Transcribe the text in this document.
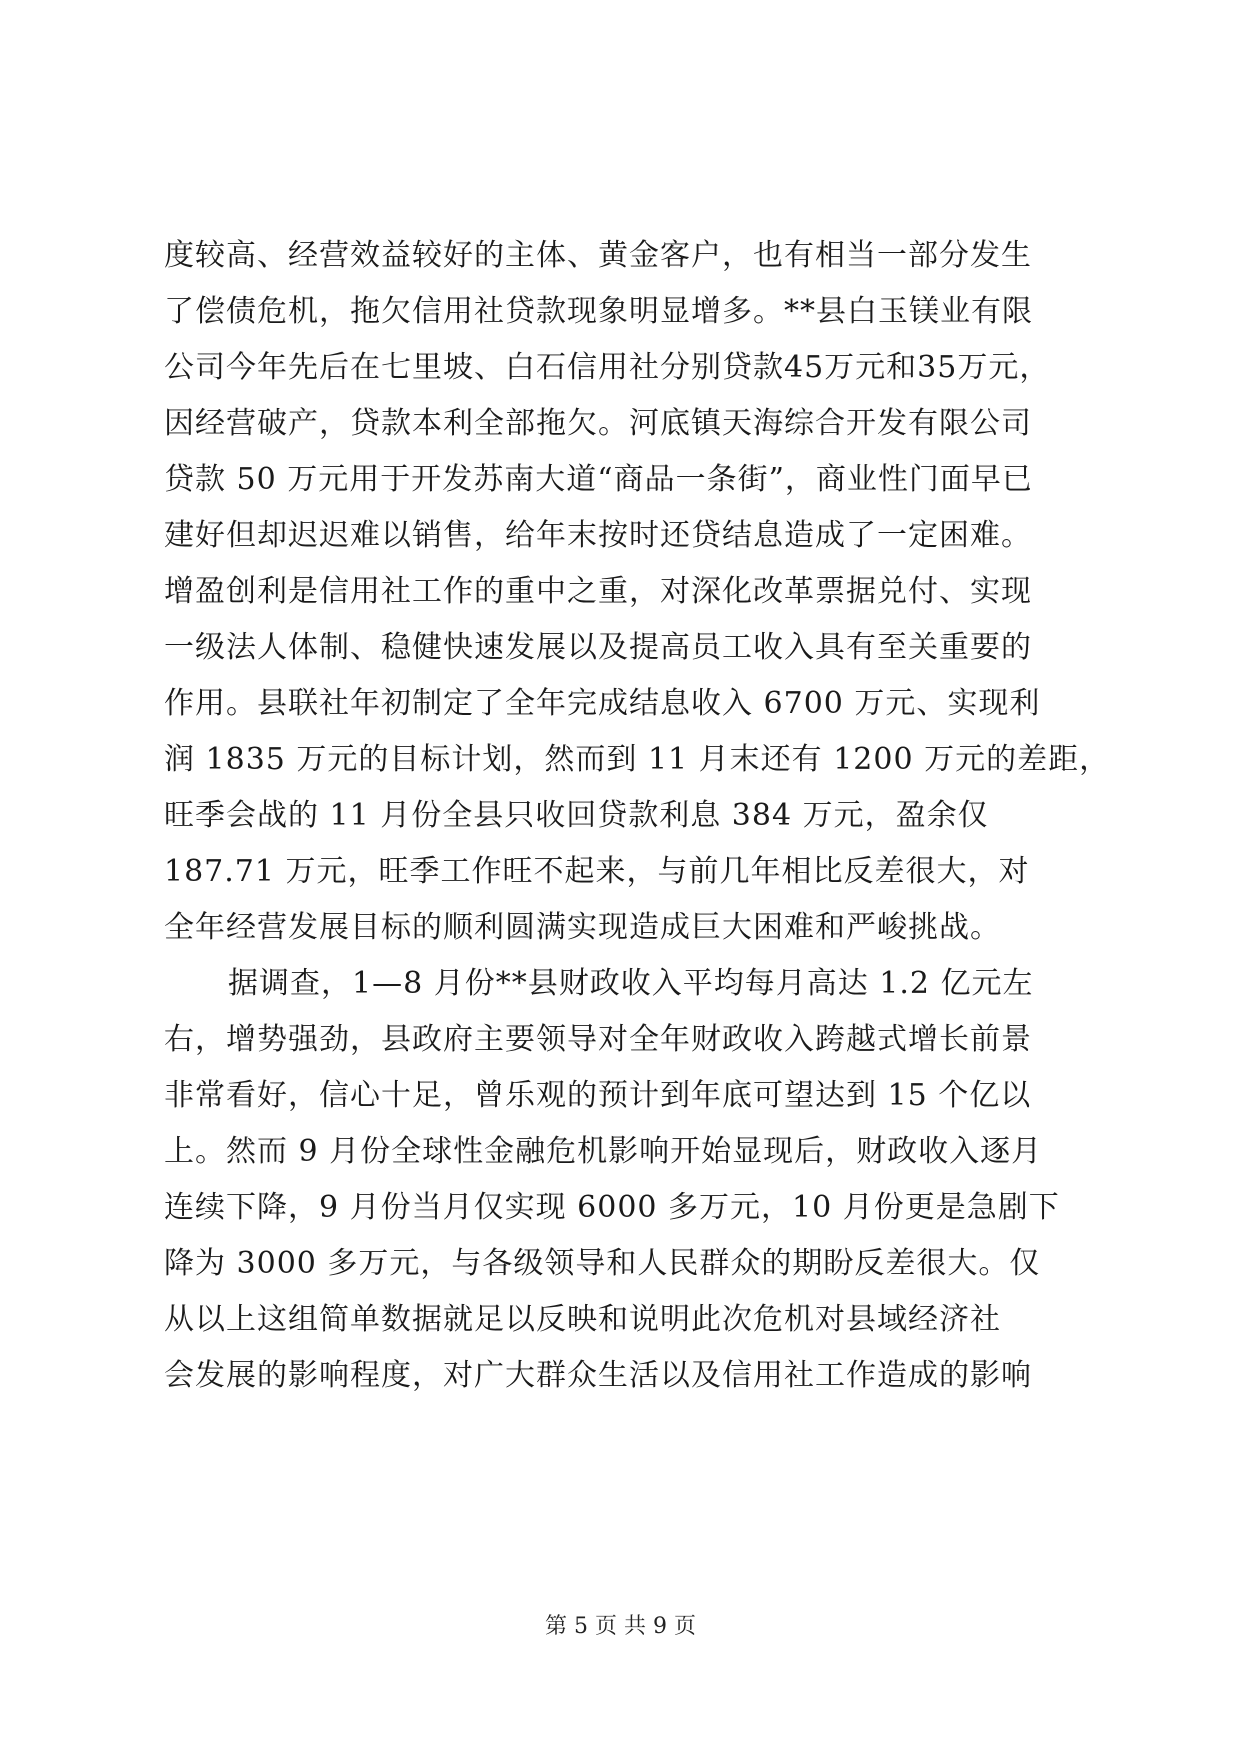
度较高、经营效益较好的主体、黄金客户，也有相当一部分发生
了偿债危机，拖欠信用社贷款现象明显增多。**县白玉镁业有限
公司今年先后在七里坡、白石信用社分别贷款45万元和35万元，
因经营破产，贷款本利全部拖欠。河底镇天海综合开发有限公司
贷款 50 万元用于开发苏南大道“商品一条街”，商业性门面早已
建好但却迟迟难以销售，给年末按时还贷结息造成了一定困难。
增盈创利是信用社工作的重中之重，对深化改革票据兑付、实现
一级法人体制、稳健快速发展以及提高员工收入具有至关重要的
作用。县联社年初制定了全年完成结息收入 6700 万元、实现利
润 1835 万元的目标计划，然而到 11 月末还有 1200 万元的差距，
旺季会战的 11 月份全县只收回贷款利息 384 万元，盈余仅
187.71 万元，旺季工作旺不起来，与前几年相比反差很大，对
全年经营发展目标的顺利圆满实现造成巨大困难和严峻挑战。
据调查，1—8 月份**县财政收入平均每月高达 1.2 亿元左
右，增势强劲，县政府主要领导对全年财政收入跨越式增长前景
非常看好，信心十足，曾乐观的预计到年底可望达到 15 个亿以
上。然而 9 月份全球性金融危机影响开始显现后，财政收入逐月
连续下降，9 月份当月仅实现 6000 多万元，10 月份更是急剧下
降为 3000 多万元，与各级领导和人民群众的期盼反差很大。仅
从以上这组简单数据就足以反映和说明此次危机对县域经济社
会发展的影响程度，对广大群众生活以及信用社工作造成的影响
第 5 页 共 9 页
